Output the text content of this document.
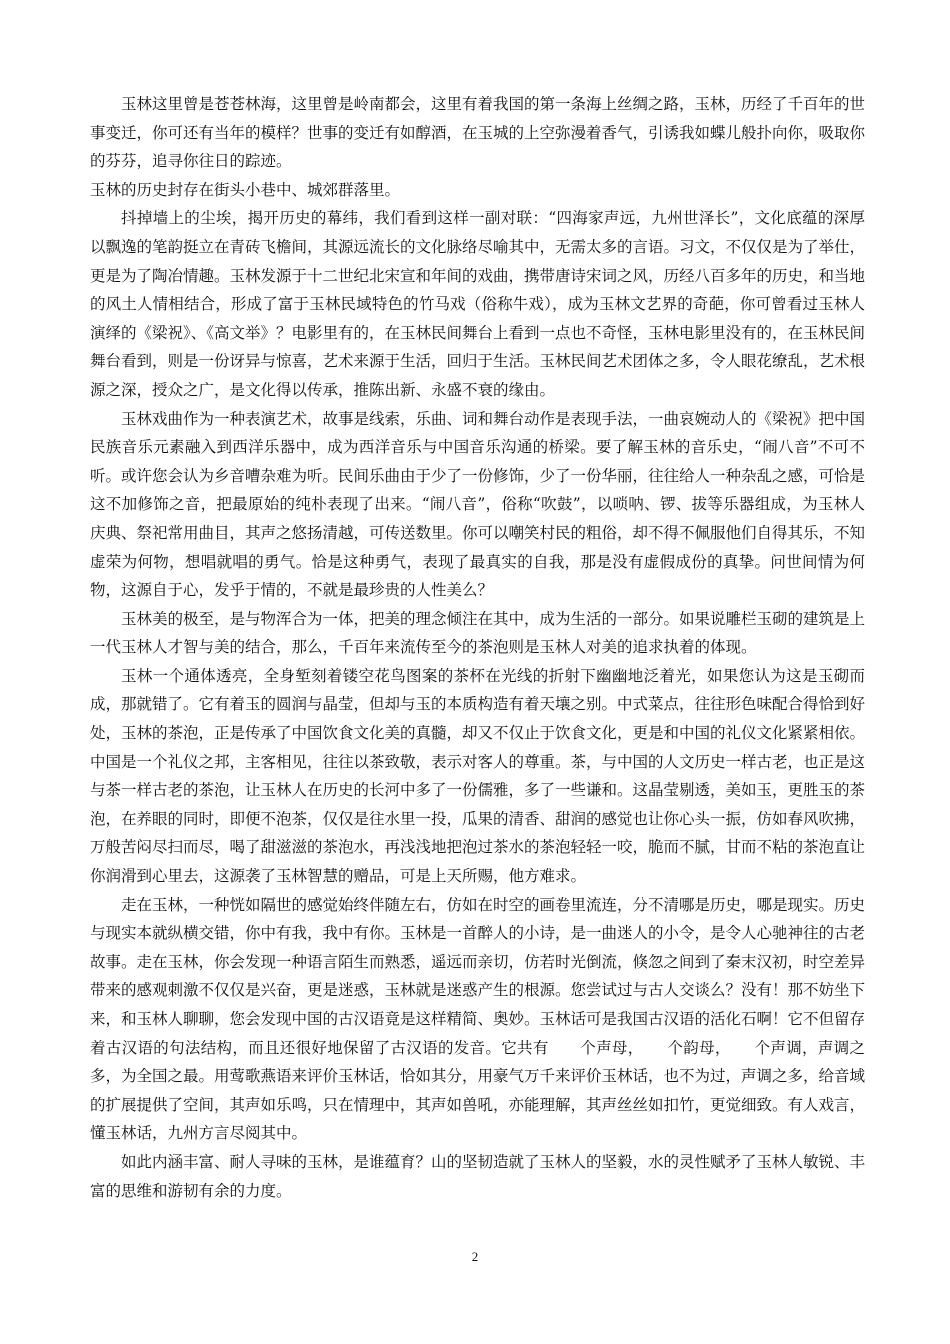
玉林这里曾是苍苍林海，这里曾是岭南都会，这里有着我国的第一条海上丝绸之路，玉林，历经了千百年的世事变迁，你可还有当年的模样？世事的变迁有如醇酒，在玉城的上空弥漫着香气，引诱我如蝶儿般扑向你，吸取你的芬芬，追寻你往日的踪迹。

玉林的历史封存在街头小巷中、城郊群落里。

抖掉墙上的尘埃，揭开历史的幕纬，我们看到这样一副对联：“四海家声远，九州世泽长”，文化底蕴的深厚以飘逸的笔韵挺立在青砖飞檐间，其源远流长的文化脉络尽喻其中，无需太多的言语。习文，不仅仅是为了举仕，更是为了陶冶情趣。玉林发源于十二世纪北宋宣和年间的戏曲，携带唐诗宋词之风，历经八百多年的历史，和当地的风土人情相结合，形成了富于玉林民域特色的竹马戏（俗称牛戏），成为玉林文艺界的奇葩，你可曾看过玉林人演绎的《梁祝》、《高文举》？电影里有的，在玉林民间舞台上看到一点也不奇怪，玉林电影里没有的，在玉林民间舞台看到，则是一份讶异与惊喜，艺术来源于生活，回归于生活。玉林民间艺术团体之多，令人眼花缭乱，艺术根源之深，授众之广，是文化得以传承，推陈出新、永盛不衰的缘由。

玉林戏曲作为一种表演艺术，故事是线索，乐曲、词和舞台动作是表现手法，一曲哀婉动人的《梁祝》把中国民族音乐元素融入到西洋乐器中，成为西洋音乐与中国音乐沟通的桥梁。要了解玉林的音乐史，“闹八音”不可不听。或许您会认为乡音嘈杂难为听。民间乐曲由于少了一份修饰，少了一份华丽，往往给人一种杂乱之感，可恰是这不加修饰之音，把最原始的纯朴表现了出来。“闹八音”，俗称“吹鼓”，以唢呐、锣、拔等乐器组成，为玉林人庆典、祭祀常用曲目，其声之悠扬清越，可传送数里。你可以嘲笑村民的粗俗，却不得不佩服他们自得其乐，不知虚荣为何物，想唱就唱的勇气。恰是这种勇气，表现了最真实的自我，那是没有虚假成份的真挚。问世间情为何物，这源自于心，发乎于情的，不就是最珍贵的人性美么？

玉林美的极至，是与物浑合为一体，把美的理念倾注在其中，成为生活的一部分。如果说雕栏玉砌的建筑是上一代玉林人才智与美的结合，那么，千百年来流传至今的茶泡则是玉林人对美的追求执着的体现。

玉林一个通体透亮，全身堑刻着镂空花鸟图案的茶杯在光线的折射下幽幽地泛着光，如果您认为这是玉砌而成，那就错了。它有着玉的圆润与晶莹，但却与玉的本质构造有着天壤之别。中式菜点，往往形色味配合得恰到好处，玉林的茶泡，正是传承了中国饮食文化美的真髓，却又不仅止于饮食文化，更是和中国的礼仪文化紧紧相依。中国是一个礼仪之邦，主客相见，往往以茶致敬，表示对客人的尊重。茶，与中国的人文历史一样古老，也正是这与茶一样古老的茶泡，让玉林人在历史的长河中多了一份儒雅，多了一些谦和。这晶莹剔透，美如玉，更胜玉的茶泡，在养眼的同时，即便不泡茶，仅仅是往水里一投，瓜果的清香、甜润的感觉也让你心头一振，仿如春风吹拂，万般苦闷尽扫而尽，喝了甜滋滋的茶泡水，再浅浅地把泡过茶水的茶泡轻轻一咬，脆而不腻，甘而不粘的茶泡直让你润滑到心里去，这源袭了玉林智慧的赠品，可是上天所赐，他方难求。

走在玉林，一种恍如隔世的感觉始终伴随左右，仿如在时空的画卷里流连，分不清哪是历史，哪是现实。历史与现实本就纵横交错，你中有我，我中有你。玉林是一首醉人的小诗，是一曲迷人的小令，是令人心驰神往的古老故事。走在玉林，你会发现一种语言陌生而熟悉，遥远而亲切，仿若时光倒流，倏忽之间到了秦末汉初，时空差异带来的感观刺激不仅仅是兴奋，更是迷惑，玉林就是迷惑产生的根源。您尝试过与古人交谈么？没有！那不妨坐下来，和玉林人聊聊，您会发现中国的古汉语竟是这样精简、奥妙。玉林话可是我国古汉语的活化石啊！它不但留存着古汉语的句法结构，而且还很好地保留了古汉语的发音。它共有　　个声母，　　个韵母，　　个声调，声调之多，为全国之最。用莺歌燕语来评价玉林话，恰如其分，用豪气万千来评价玉林话，也不为过，声调之多，给音域的扩展提供了空间，其声如乐鸣，只在情理中，其声如兽吼，亦能理解，其声丝丝如扣竹，更觉细致。有人戏言，懂玉林话，九州方言尽阅其中。

如此内涵丰富、耐人寻味的玉林，是谁蕴育？山的坚韧造就了玉林人的坚毅，水的灵性赋矛了玉林人敏锐、丰富的思维和游韧有余的力度。

2
